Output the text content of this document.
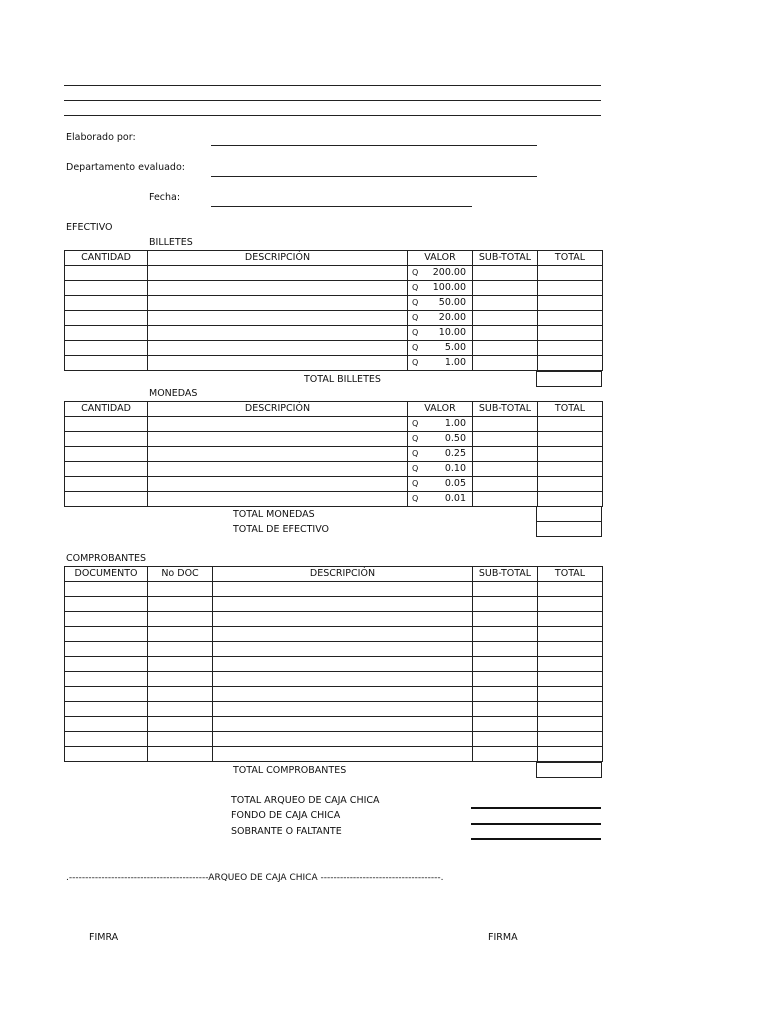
Elaborado por:
Departamento evaluado:
Fecha:
EFECTIVO
BILLETES
CANTIDAD	DESCRIPCIÓN	VALOR	SUB-TOTAL	TOTAL

		Q 200.00		

		Q 100.00		

		Q 50.00		

		Q 20.00		

		Q 10.00		

		Q 5.00		

		Q 1.00		

TOTAL BILLETES
MONEDAS
CANTIDAD	DESCRIPCIÓN	VALOR	SUB-TOTAL	TOTAL

		Q 1.00		

		Q 0.50		

		Q 0.25		

		Q 0.10		

		Q 0.05		

		Q 0.01		

TOTAL MONEDAS
TOTAL DE EFECTIVO
COMPROBANTES
DOCUMENTO	No DOC	DESCRIPCIÓN	SUB-TOTAL	TOTAL

TOTAL COMPROBANTES
TOTAL ARQUEO DE CAJA CHICA
FONDO DE CAJA CHICA
SOBRANTE O FALTANTE
.-------------------------------------------ARQUEO DE CAJA CHICA -------------------------------------.
FIMRA	FIRMA
